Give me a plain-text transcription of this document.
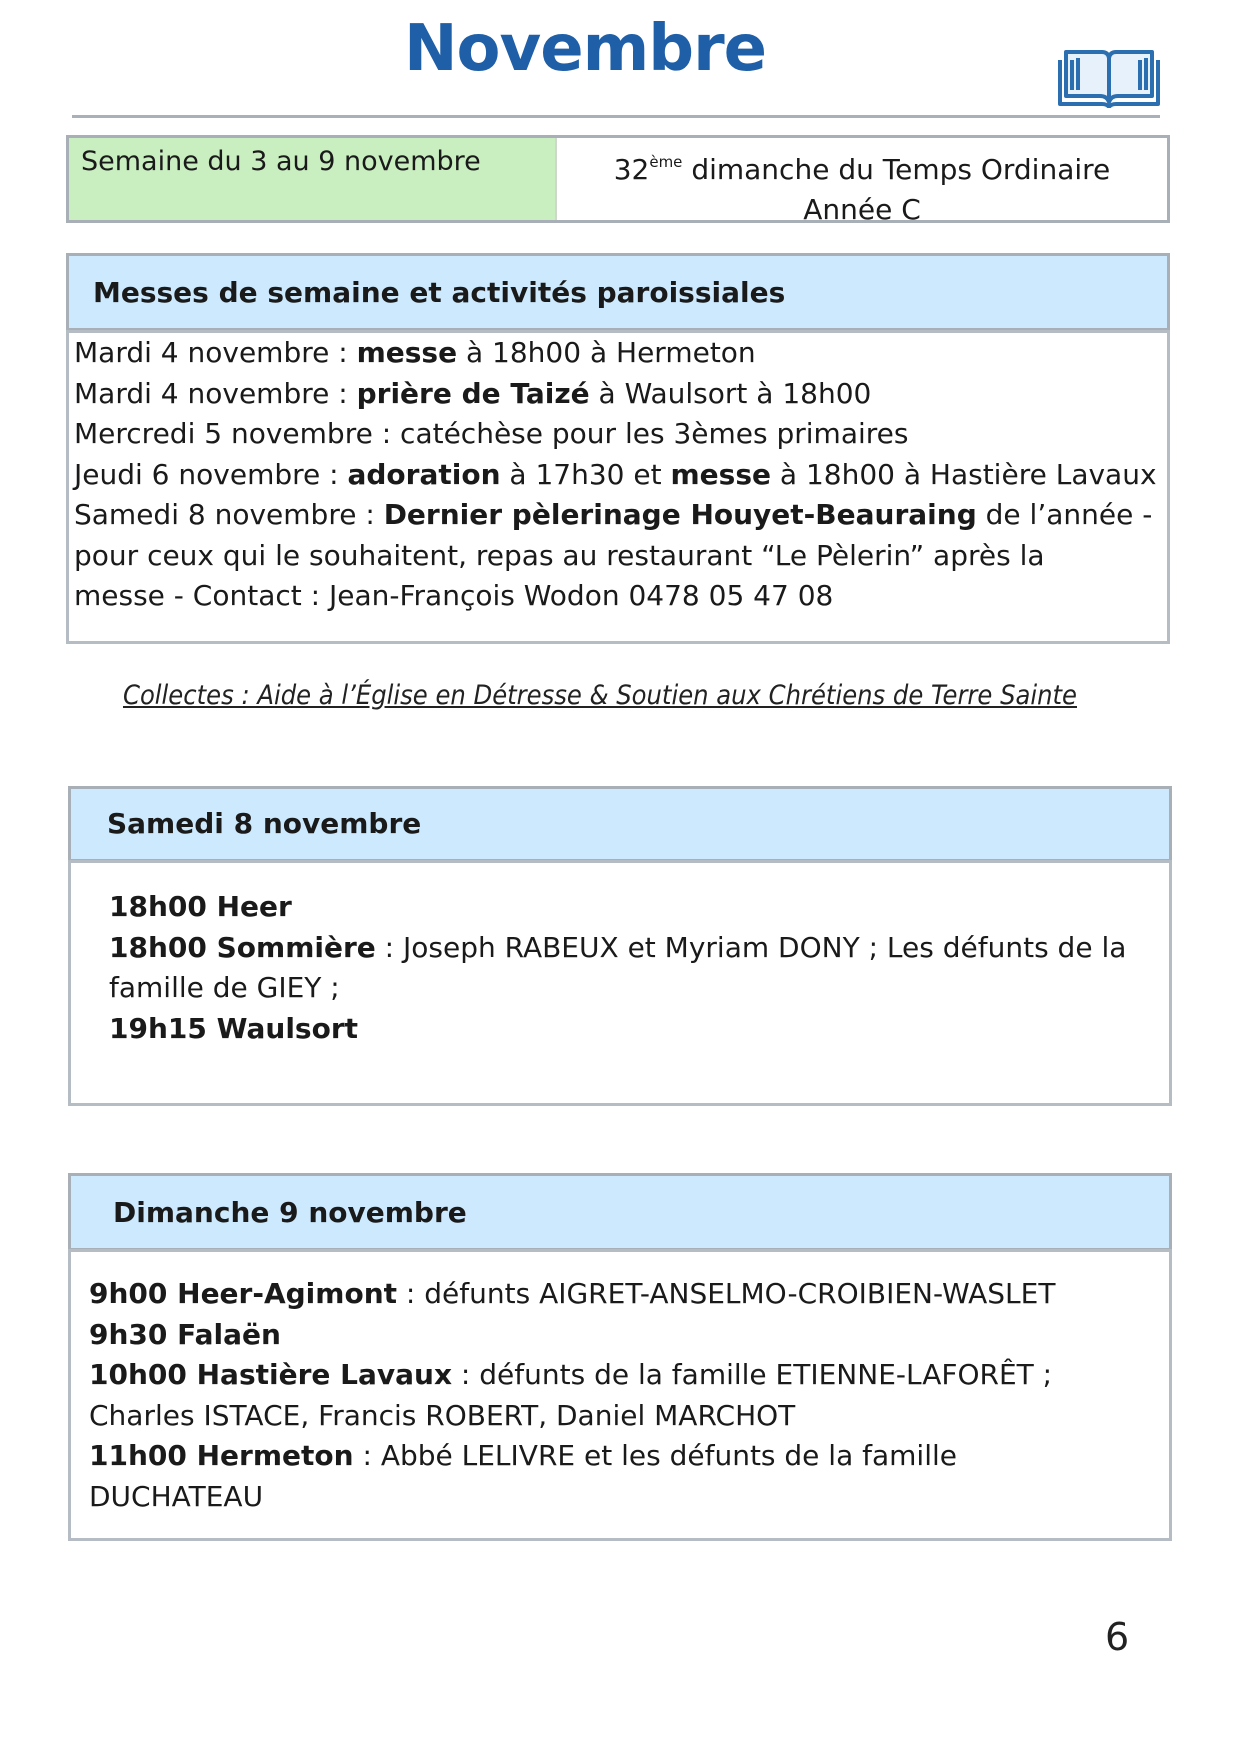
Novembre
Semaine du 3 au 9 novembre	32ème dimanche du Temps Ordinaire
Année C
Messes de semaine et activités paroissiales
Mardi 4 novembre : messe à 18h00 à Hermeton
Mardi 4 novembre : prière de Taizé à Waulsort à 18h00
Mercredi 5 novembre : catéchèse pour les 3èmes primaires
Jeudi 6 novembre : adoration à 17h30 et messe à 18h00 à Hastière Lavaux
Samedi 8 novembre : Dernier pèlerinage Houyet-Beauraing de l’année -
pour ceux qui le souhaitent, repas au restaurant “Le Pèlerin” après la
messe - Contact : Jean-François Wodon 0478 05 47 08
Collectes : Aide à l’Église en Détresse & Soutien aux Chrétiens de Terre Sainte
Samedi 8 novembre
18h00 Heer
18h00 Sommière : Joseph RABEUX et Myriam DONY ; Les défunts de la
famille de GIEY ;
19h15 Waulsort
Dimanche 9 novembre
9h00 Heer-Agimont : défunts AIGRET-ANSELMO-CROIBIEN-WASLET
9h30 Falaën
10h00 Hastière Lavaux : défunts de la famille ETIENNE-LAFORÊT ;
Charles ISTACE, Francis ROBERT, Daniel MARCHOT
11h00 Hermeton : Abbé LELIVRE et les défunts de la famille
DUCHATEAU
6
